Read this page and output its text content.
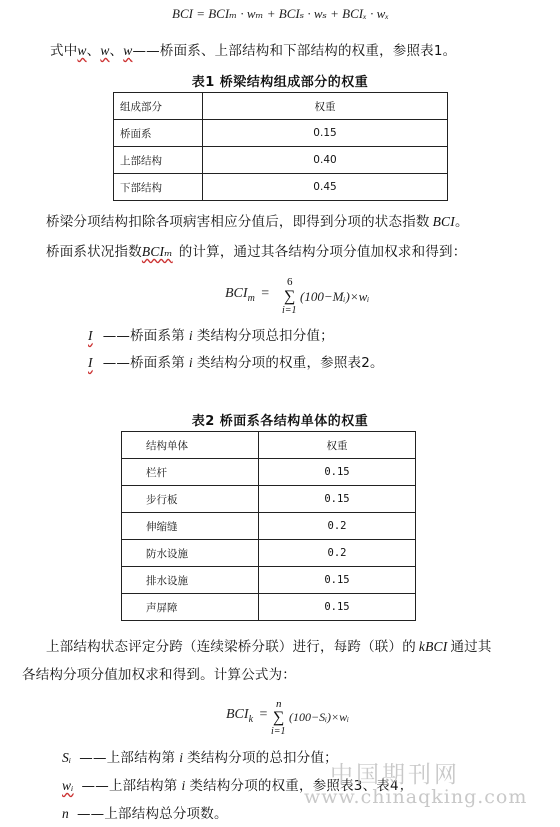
BCI = BCIₘ · wₘ + BCIₛ · wₛ + BCIₓ · wₓ
式中w、w、w——桥面系、上部结构和下部结构的权重，参照表1。
表1 桥梁结构组成部分的权重
组成部分	权重
桥面系	0.15
上部结构	0.40
下部结构	0.45
桥梁分项结构扣除各项病害相应分值后，即得到分项的状态指数 BCI。
桥面系状况指数BCIₘ 的计算，通过其各结构分项分值加权求和得到：
$BCI_m$ =
6
∑
i=1
(100−Mᵢ)×wᵢ
I ——桥面系第 i 类结构分项总扣分值；
I ——桥面系第 i 类结构分项的权重，参照表2。
表2 桥面系各结构单体的权重
结构单体	权重
栏杆	0.15
步行板	0.15
伸缩缝	0.2
防水设施	0.2
排水设施	0.15
声屏障	0.15
上部结构状态评定分跨（连续梁桥分联）进行，每跨（联）的 kBCI 通过其
各结构分项分值加权求和得到。计算公式为：
$BCI_k$ =
n
∑
i=1
(100−Sᵢ)×wᵢ
Sᵢ ——上部结构第 i 类结构分项的总扣分值；
wᵢ ——上部结构第 i 类结构分项的权重，参照表3、表4；
n ——上部结构总分项数。
中国期刊网
www.chinaqking.com
